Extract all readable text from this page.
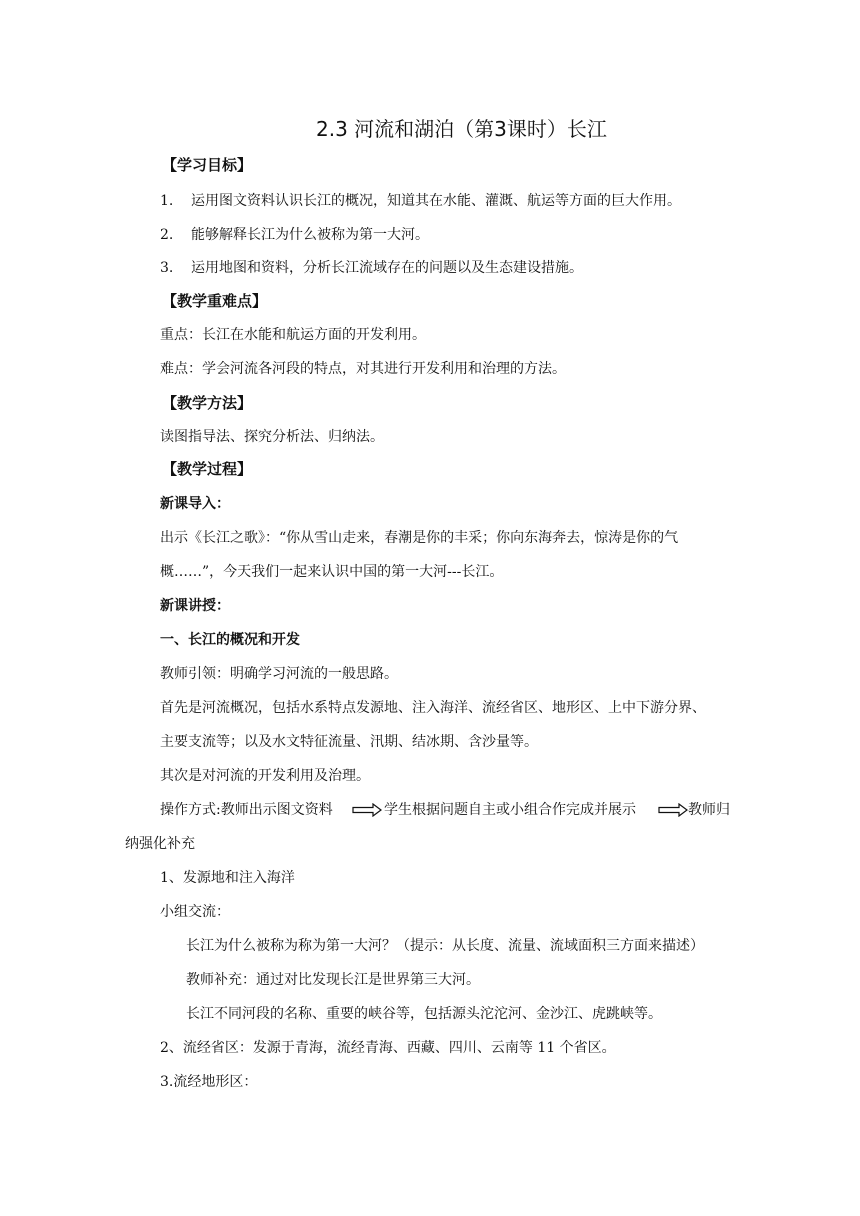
2.3 河流和湖泊（第3课时）长江
【学习目标】
1. 运用图文资料认识长江的概况，知道其在水能、灌溉、航运等方面的巨大作用。
2. 能够解释长江为什么被称为第一大河。
3. 运用地图和资料，分析长江流域存在的问题以及生态建设措施。
【教学重难点】
重点：长江在水能和航运方面的开发利用。
难点：学会河流各河段的特点，对其进行开发利用和治理的方法。
【教学方法】
读图指导法、探究分析法、归纳法。
【教学过程】
新课导入：
出示《长江之歌》：“你从雪山走来，春潮是你的丰采；你向东海奔去，惊涛是你的气
概……”，今天我们一起来认识中国的第一大河---长江。
新课讲授：
一、长江的概况和开发
教师引领：明确学习河流的一般思路。
首先是河流概况，包括水系特点发源地、注入海洋、流经省区、地形区、上中下游分界、
主要支流等；以及水文特征流量、汛期、结冰期、含沙量等。
其次是对河流的开发利用及治理。
操作方式:教师出示图文资料	学生根据问题自主或小组合作完成并展示	教师归
纳强化补充
1、发源地和注入海洋
小组交流：
长江为什么被称为称为第一大河？（提示：从长度、流量、流域面积三方面来描述）
教师补充：通过对比发现长江是世界第三大河。
长江不同河段的名称、重要的峡谷等，包括源头沱沱河、金沙江、虎跳峡等。
2、流经省区：发源于青海，流经青海、西藏、四川、云南等 11 个省区。
3.流经地形区：
